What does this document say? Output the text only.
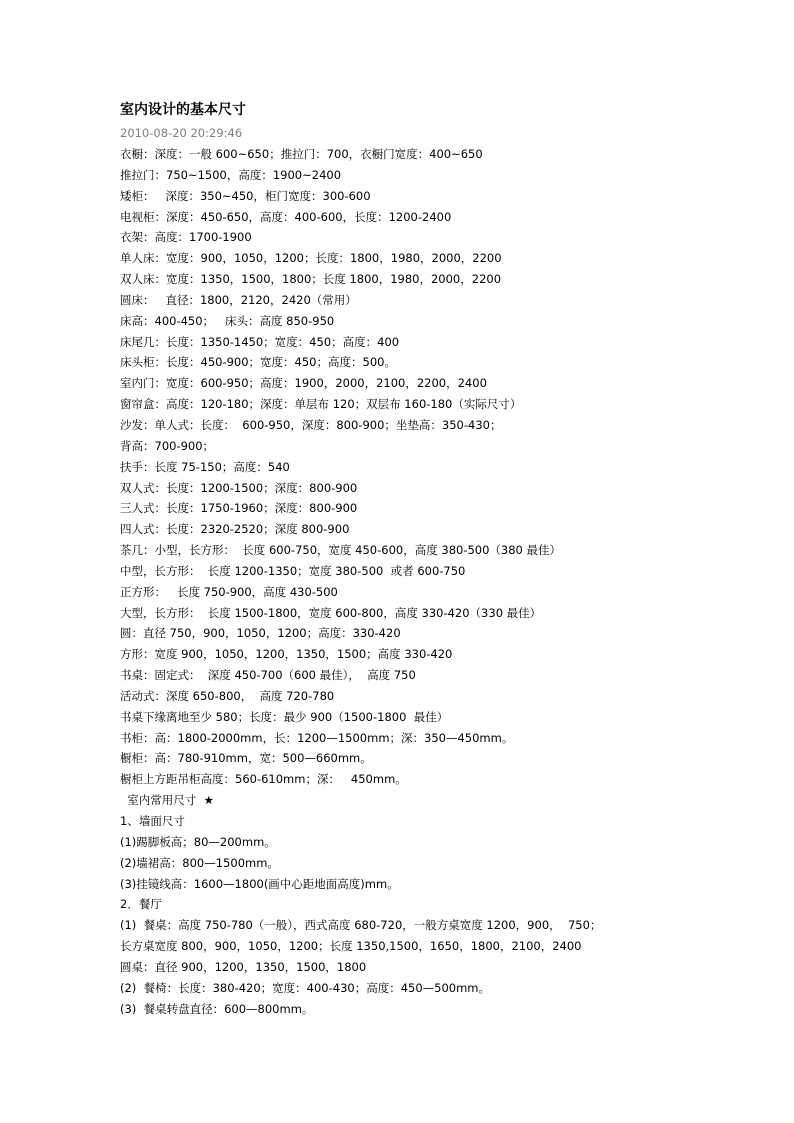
室内设计的基本尺寸
2010-08-20 20:29:46
衣橱：深度：一般 600~650；推拉门：700，衣橱门宽度：400~650
推拉门：750~1500，高度：1900~2400
矮柜：   深度：350~450，柜门宽度：300-600
电视柜：深度：450-650，高度：400-600，长度：1200-2400
衣架：高度：1700-1900
单人床：宽度：900，1050，1200；长度：1800，1980，2000，2200
双人床：宽度：1350，1500，1800；长度 1800，1980，2000，2200
圆床：   直径：1800，2120，2420（常用）
床高：400-450；   床头：高度 850-950
床尾几：长度：1350-1450；宽度：450；高度：400
床头柜：长度：450-900；宽度：450；高度：500。
室内门：宽度：600-950；高度：1900，2000，2100，2200，2400
窗帘盒：高度：120-180；深度：单层布 120；双层布 160-180（实际尺寸）
沙发：单人式：长度：  600-950，深度：800-900；坐垫高：350-430；
背高：700-900；
扶手：长度 75-150；高度：540
双人式：长度：1200-1500；深度：800-900
三人式：长度：1750-1960；深度：800-900
四人式：长度：2320-2520；深度 800-900
茶几：小型，长方形：  长度 600-750，宽度 450-600，高度 380-500（380 最佳）
中型，长方形：  长度 1200-1350；宽度 380-500  或者 600-750
正方形：   长度 750-900，高度 430-500
大型，长方形：  长度 1500-1800，宽度 600-800，高度 330-420（330 最佳）
圆：直径 750，900，1050，1200；高度：330-420
方形：宽度 900，1050，1200，1350，1500；高度 330-420
书桌：固定式：  深度 450-700（600 最佳），  高度 750
活动式：深度 650-800，  高度 720-780
书桌下缘离地至少 580；长度：最少 900（1500-1800  最佳）
书柜：高：1800-2000mm，长：1200—1500mm；深：350—450mm。
橱柜：高：780-910mm，宽：500—660mm。
橱柜上方距吊柜高度：560-610mm；深：   450mm。
室内常用尺寸  ★
1、墙面尺寸
(1)踢脚板高；80—200mm。
(2)墙裙高：800—1500mm。
(3)挂镜线高：1600—1800(画中心距地面高度)mm。
2．餐厅
(1)  餐桌：高度 750-780（一般），西式高度 680-720，一般方桌宽度 1200，900，  750；
长方桌宽度 800，900，1050，1200；长度 1350,1500，1650，1800，2100，2400
圆桌：直径 900，1200，1350，1500，1800
(2)  餐椅：长度：380-420；宽度：400-430；高度：450—500mm。
(3)  餐桌转盘直径：600—800mm。
